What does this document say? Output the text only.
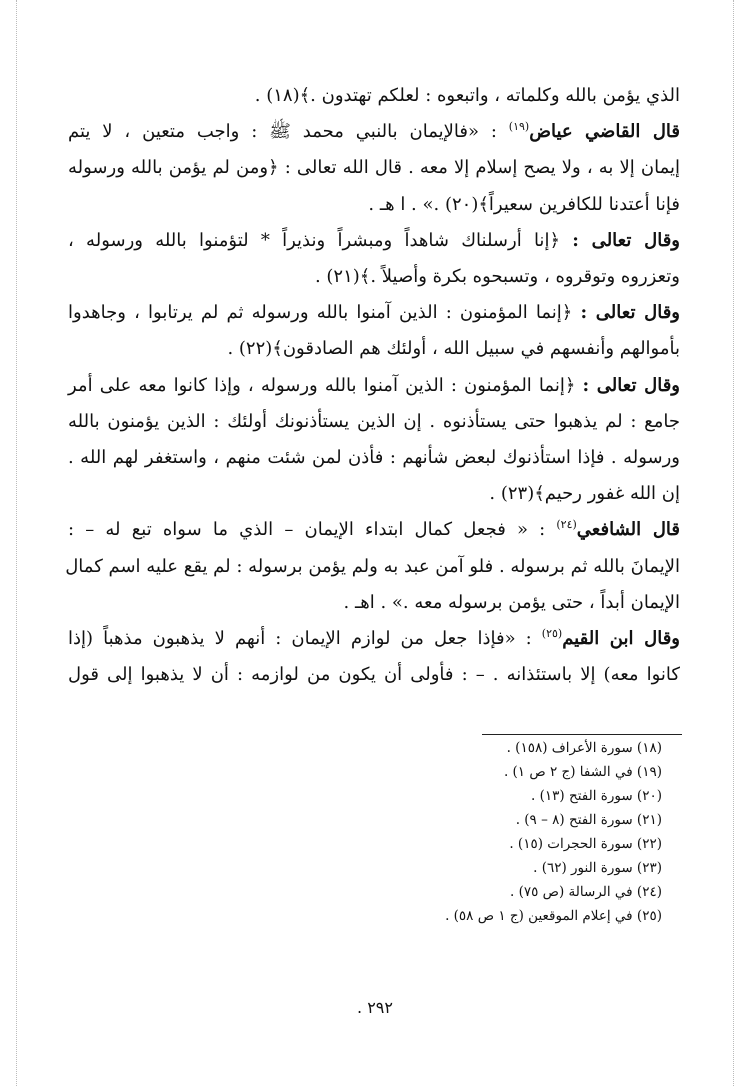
الذي يؤمن بالله وكلماته ، واتبعوه : لعلكم تهتدون .﴾(١٨) .
قال القاضي عياض$^{(١٩)}$ : «فالإيمان بالنبي محمد ﷺ : واجب متعين ، لا يتم
إيمان إلا به ، ولا يصح إسلام إلا معه . قال الله تعالى : ﴿ومن لم يؤمن بالله ورسوله
فإنا أعتدنا للكافرين سعيراً﴾(٢٠) .» . ا هـ .
وقال تعالى : ﴿إنا أرسلناك شاهداً ومبشراً ونذيراً * لتؤمنوا بالله ورسوله ،
وتعزروه وتوقروه ، وتسبحوه بكرة وأصيلاً .﴾(٢١) .
وقال تعالى : ﴿إنما المؤمنون : الذين آمنوا بالله ورسوله ثم لم يرتابوا ، وجاهدوا
بأموالهم وأنفسهم في سبيل الله ، أولئك هم الصادقون﴾(٢٢) .
وقال تعالى : ﴿إنما المؤمنون : الذين آمنوا بالله ورسوله ، وإذا كانوا معه على أمر
جامع : لم يذهبوا حتى يستأذنوه . إن الذين يستأذنونك أولئك : الذين يؤمنون بالله
ورسوله . فإذا استأذنوك لبعض شأنهم : فأذن لمن شئت منهم ، واستغفر لهم الله .
إن الله غفور رحيم﴾(٢٣) .
قال الشافعي$^{(٢٤)}$ : « فجعل كمال ابتداء الإيمان – الذي ما سواه تبع له – :
الإيمانَ بالله ثم برسوله . فلو آمن عبد به ولم يؤمن برسوله : لم يقع عليه اسم كمال
الإيمان أبداً ، حتى يؤمن برسوله معه .» . اهـ .
وقال ابن القيم$^{(٢٥)}$ : «فإذا جعل من لوازم الإيمان : أنهم لا يذهبون مذهباً (إذا
كانوا معه) إلا باستئذانه . – : فأولى أن يكون من لوازمه : أن لا يذهبوا إلى قول
(١٨) سورة الأعراف (١٥٨) .
(١٩) في الشفا (ج ٢ ص ١) .
(٢٠) سورة الفتح (١٣) .
(٢١) سورة الفتح (٨ – ٩) .
(٢٢) سورة الحجرات (١٥) .
(٢٣) سورة النور (٦٢) .
(٢٤) في الرسالة (ص ٧٥) .
(٢٥) في إعلام الموقعين (ج ١ ص ٥٨) .
٢٩٢ .
